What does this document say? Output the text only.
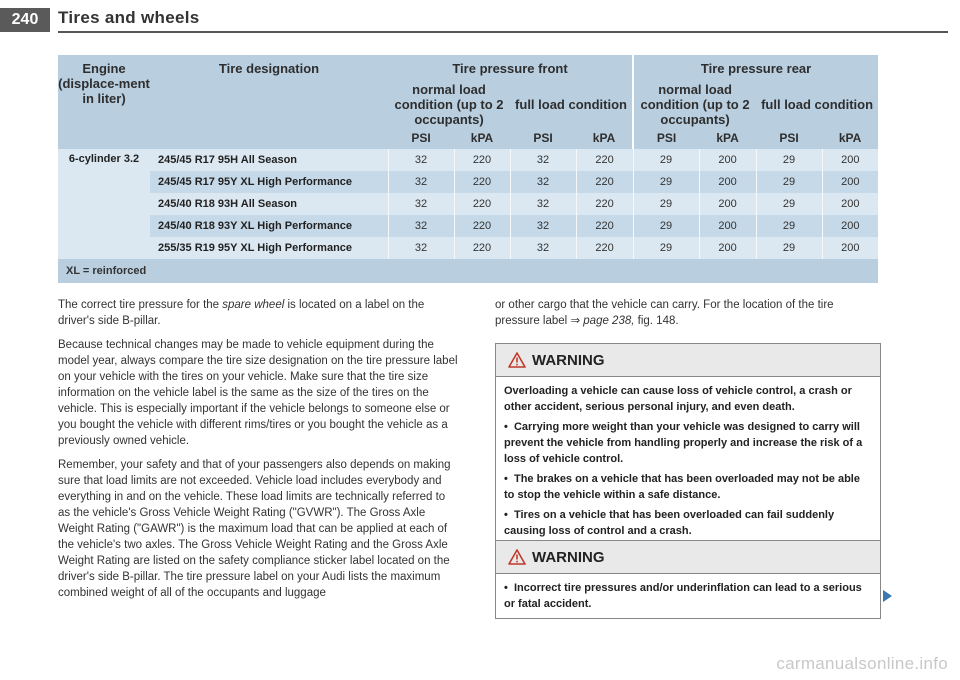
240	Tires and wheels
Engine (displace-ment in liter)	Tire designation	Tire pressure front				Tire pressure rear			
		normal load condition (up to 2 occupants)		full load condition		normal load condition (up to 2 occupants)		full load condition	
		PSI	kPA	PSI	kPA	PSI	kPA	PSI	kPA
6-cylinder 3.2	245/45 R17 95H All Season	32	220	32	220	29	200	29	200
	245/45 R17 95Y XL High Performance	32	220	32	220	29	200	29	200
	245/40 R18 93H All Season	32	220	32	220	29	200	29	200
	245/40 R18 93Y XL High Performance	32	220	32	220	29	200	29	200
	255/35 R19 95Y XL High Performance	32	220	32	220	29	200	29	200
XL = reinforced									

The correct tire pressure for the spare wheel is located on a label on the driver's side B-pillar.

Because technical changes may be made to vehicle equipment during the model year, always compare the tire size designation on the tire pressure label on your vehicle with the tires on your vehicle. Make sure that the tire size information on the vehicle label is the same as the size of the tires on the vehicle. This is especially important if the vehicle belongs to someone else or you bought the vehicle with different rims/tires or you bought the vehicle as a previously owned vehicle.

Remember, your safety and that of your passengers also depends on making sure that load limits are not exceeded. Vehicle load includes everybody and everything in and on the vehicle. These load limits are technically referred to as the vehicle's Gross Vehicle Weight Rating ("GVWR"). The Gross Axle Weight Rating ("GAWR") is the maximum load that can be applied at each of the vehicle's two axles. The Gross Vehicle Weight Rating and the Gross Axle Weight Rating are listed on the safety compliance sticker label located on the driver's side B-pillar. The tire pressure label on your Audi lists the maximum combined weight of all of the occupants and luggage

or other cargo that the vehicle can carry. For the location of the tire pressure label ⇒ page 238, fig. 148.

WARNING

Overloading a vehicle can cause loss of vehicle control, a crash or other accident, serious personal injury, and even death.

•  Carrying more weight than your vehicle was designed to carry will prevent the vehicle from handling properly and increase the risk of a loss of vehicle control.

•  The brakes on a vehicle that has been overloaded may not be able to stop the vehicle within a safe distance.

•  Tires on a vehicle that has been overloaded can fail suddenly causing loss of control and a crash.

WARNING

•  Incorrect tire pressures and/or underinflation can lead to a serious or fatal accident.

carmanualsonline.info
